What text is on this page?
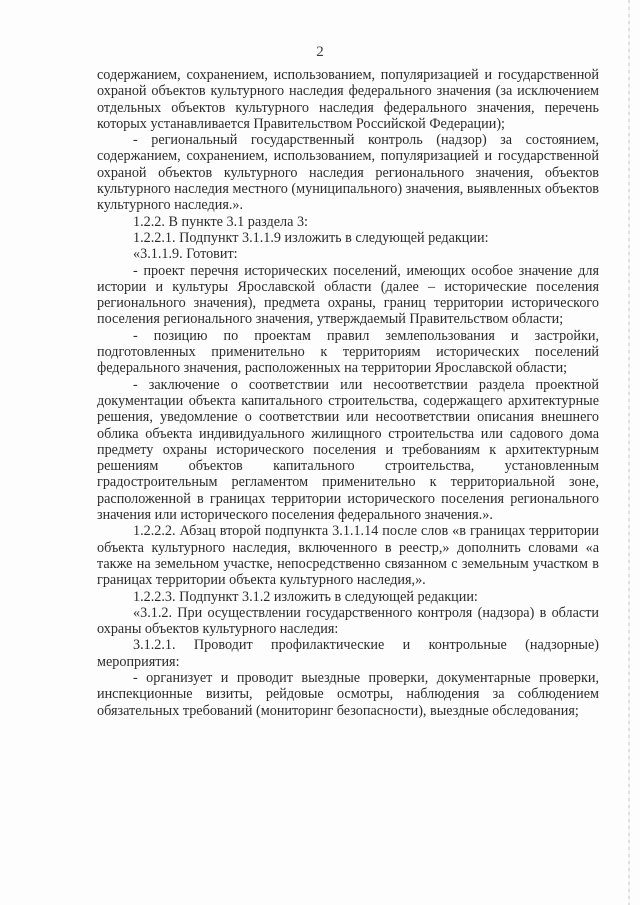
2

содержанием, сохранением, использованием, популяризацией и государственной охраной объектов культурного наследия федерального значения (за исключением отдельных объектов культурного наследия федерального значения, перечень которых устанавливается Правительством Российской Федерации);

- региональный государственный контроль (надзор) за состоянием, содержанием, сохранением, использованием, популяризацией и государственной охраной объектов культурного наследия регионального значения, объектов культурного наследия местного (муниципального) значения, выявленных объектов культурного наследия.».

1.2.2. В пункте 3.1 раздела 3:

1.2.2.1. Подпункт 3.1.1.9 изложить в следующей редакции:

«3.1.1.9. Готовит:

- проект перечня исторических поселений, имеющих особое значение для истории и культуры Ярославской области (далее – исторические поселения регионального значения), предмета охраны, границ территории исторического поселения регионального значения, утверждаемый Правительством области;

- позицию по проектам правил землепользования и застройки, подготовленных применительно к территориям исторических поселений федерального значения, расположенных на территории Ярославской области;

- заключение о соответствии или несоответствии раздела проектной документации объекта капитального строительства, содержащего архитектурные решения, уведомление о соответствии или несоответствии описания внешнего облика объекта индивидуального жилищного строительства или садового дома предмету охраны исторического поселения и требованиям к архитектурным решениям объектов капитального строительства, установленным градостроительным регламентом применительно к территориальной зоне, расположенной в границах территории исторического поселения регионального значения или исторического поселения федерального значения.».

1.2.2.2. Абзац второй подпункта 3.1.1.14 после слов «в границах территории объекта культурного наследия, включенного в реестр,» дополнить словами «а также на земельном участке, непосредственно связанном с земельным участком в границах территории объекта культурного наследия,».

1.2.2.3. Подпункт 3.1.2 изложить в следующей редакции:

«3.1.2. При осуществлении государственного контроля (надзора) в области охраны объектов культурного наследия:

3.1.2.1. Проводит профилактические и контрольные (надзорные) мероприятия:

- организует и проводит выездные проверки, документарные проверки, инспекционные визиты, рейдовые осмотры, наблюдения за соблюдением обязательных требований (мониторинг безопасности), выездные обследования;
